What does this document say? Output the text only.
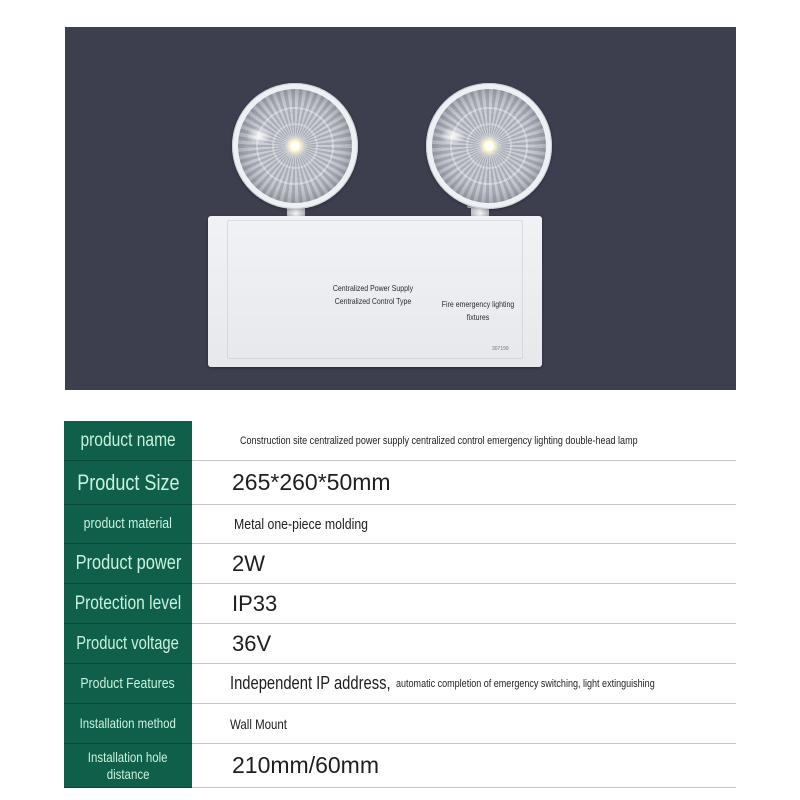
Centralized Power Supply
Centralized Control Type	Fire emergency lighting
fixtures
307199
product name	Construction site centralized power supply centralized control emergency lighting double-head lamp
Product Size 265*260*50mm
product material	Metal one-piece molding
Product power 2W
Protection level IP33
Product voltage 36V
Product Features	Independent IP address, automatic completion of emergency switching, light extinguishing
Installation method	Wall Mount
Installation hole
distance	210mm/60mm
